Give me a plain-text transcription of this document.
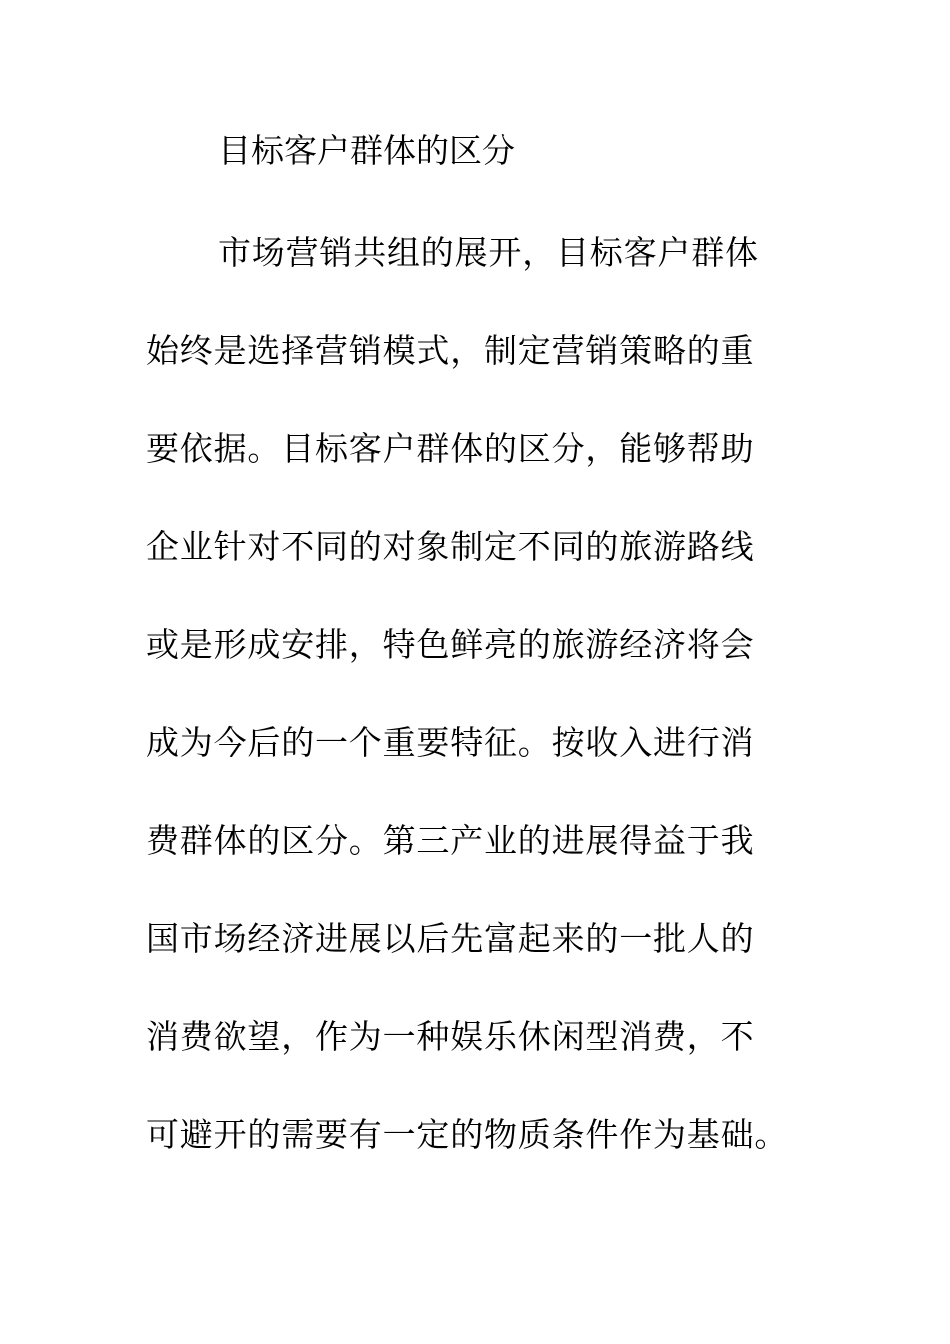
目标客户群体的区分
市场营销共组的展开，目标客户群体
始终是选择营销模式，制定营销策略的重
要依据。目标客户群体的区分，能够帮助
企业针对不同的对象制定不同的旅游路线
或是形成安排，特色鲜亮的旅游经济将会
成为今后的一个重要特征。按收入进行消
费群体的区分。第三产业的进展得益于我
国市场经济进展以后先富起来的一批人的
消费欲望，作为一种娱乐休闲型消费，不
可避开的需要有一定的物质条件作为基础。
